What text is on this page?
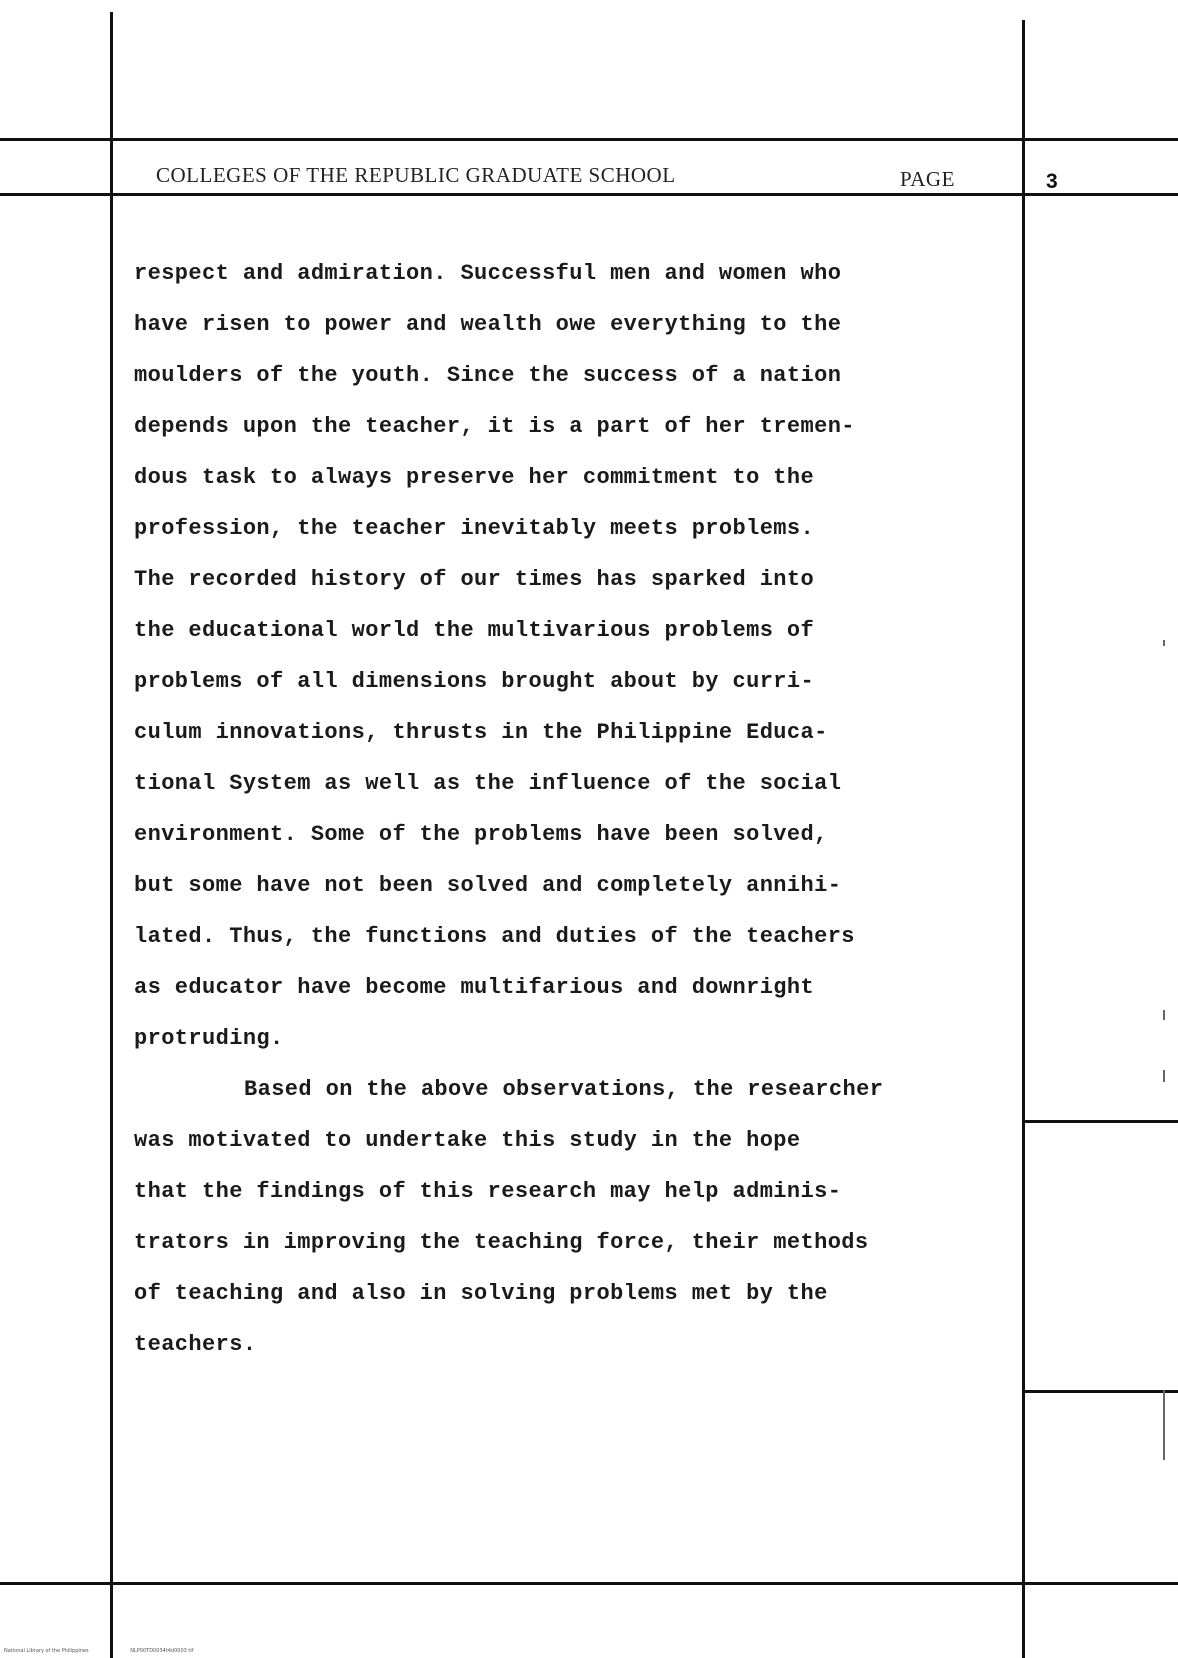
COLLEGES OF THE REPUBLIC GRADUATE SCHOOL	PAGE	3
respect and admiration. Successful men and women who
have risen to power and wealth owe everything to the
moulders of the youth. Since the success of a nation
depends upon the teacher, it is a part of her tremen-
dous task to always preserve her commitment to the
profession, the teacher inevitably meets problems.
The recorded history of our times has sparked into
the educational world the multivarious problems of
problems of all dimensions brought about by curri-
culum innovations, thrusts in the Philippine Educa-
tional System as well as the influence of the social
environment. Some of the problems have been solved,
but some have not been solved and completely annihi-
lated. Thus, the functions and duties of the teachers
as educator have become multifarious and downright
protruding.
Based on the above observations, the researcher
was motivated to undertake this study in the hope
that the findings of this research may help adminis-
trators in improving the teaching force, their methods
of teaching and also in solving problems met by the
teachers.
National Library of the Philippines	NLP00TD0034t4d0003 tif
